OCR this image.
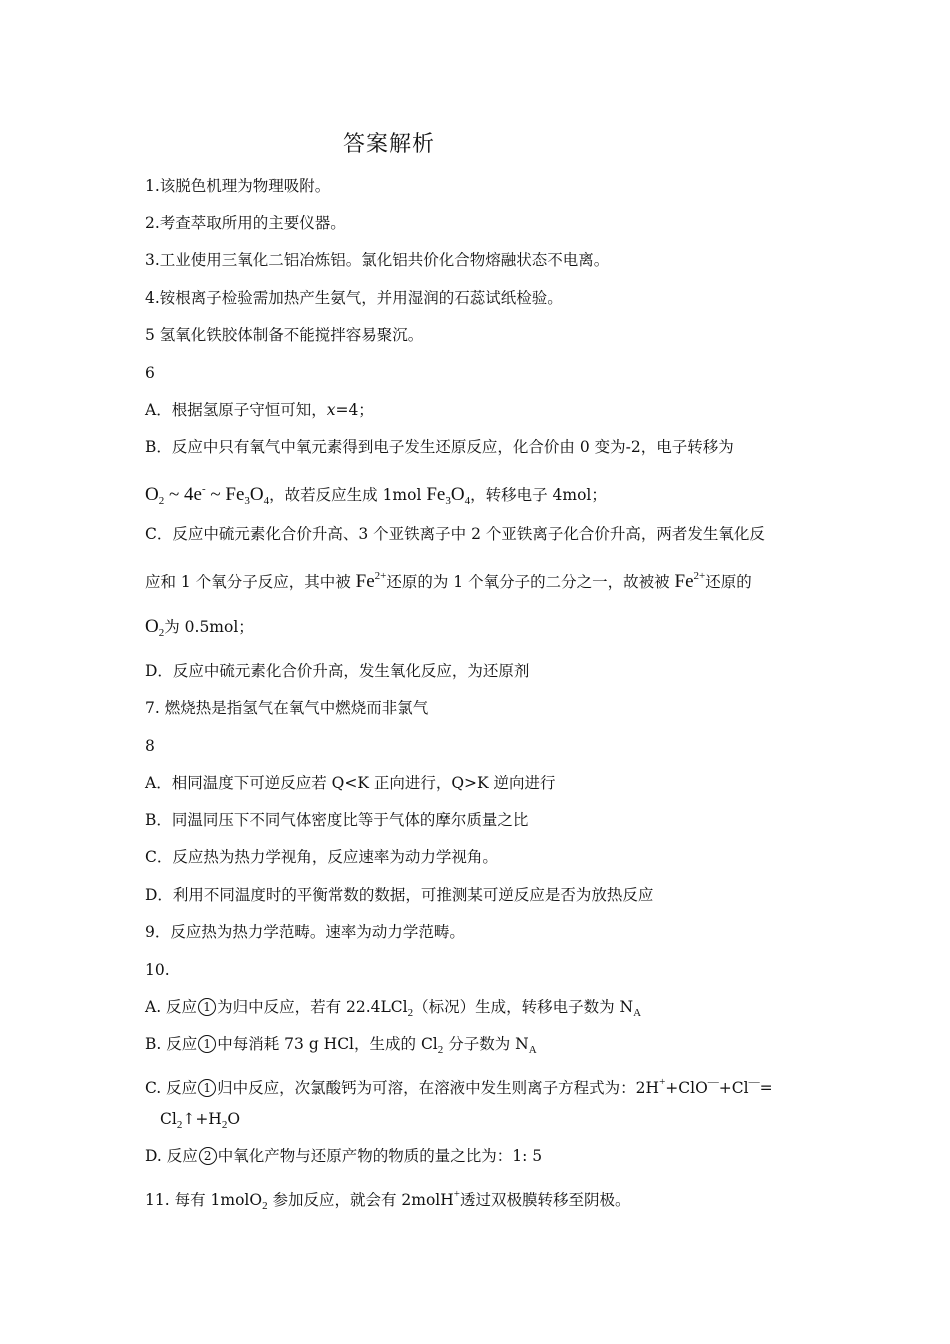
答案解析
1.该脱色机理为物理吸附。
2.考查萃取所用的主要仪器。
3.工业使用三氧化二铝冶炼铝。氯化铝共价化合物熔融状态不电离。
4.铵根离子检验需加热产生氨气，并用湿润的石蕊试纸检验。
5 氢氧化铁胶体制备不能搅拌容易聚沉。
6
A．根据氢原子守恒可知，x=4；
B．反应中只有氧气中氧元素得到电子发生还原反应，化合价由 0 变为-2，电子转移为
$O_2$ ~ 4e- ~ $Fe_3O_4$，故若反应生成 1mol $Fe_3O_4$，转移电子 4mol；
C．反应中硫元素化合价升高、3 个亚铁离子中 2 个亚铁离子化合价升高，两者发生氧化反
应和 1 个氧分子反应，其中被 $Fe^{2+}$还原的为 1 个氧分子的二分之一，故被被 $Fe^{2+}$还原的
$O_2$为 0.5mol；
D．反应中硫元素化合价升高，发生氧化反应，为还原剂
7. 燃烧热是指氢气在氧气中燃烧而非氯气
8
A．相同温度下可逆反应若 Q<K 正向进行，Q>K 逆向进行
B．同温同压下不同气体密度比等于气体的摩尔质量之比
C．反应热为热力学视角，反应速率为动力学视角。
D．利用不同温度时的平衡常数的数据，可推测某可逆反应是否为放热反应
9．反应热为热力学范畴。速率为动力学范畴。
10.
A. 反应 1 为归中反应，若有 22.4LCl$_2$（标况）生成，转移电子数为 $N_A$
B. 反应 1 中每消耗 73 g HCl，生成的 $Cl_2$ 分子数为 $N_A$
C. 反应 1 归中反应，次氯酸钙为可溶，在溶液中发生则离子方程式为：2H++ClO—+Cl—=
$Cl_2↑+H_2O$
D. 反应 2 中氧化产物与还原产物的物质的量之比为：1: 5
11. 每有 1molO$_2$ 参加反应，就会有 2molH+透过双极膜转移至阴极。
